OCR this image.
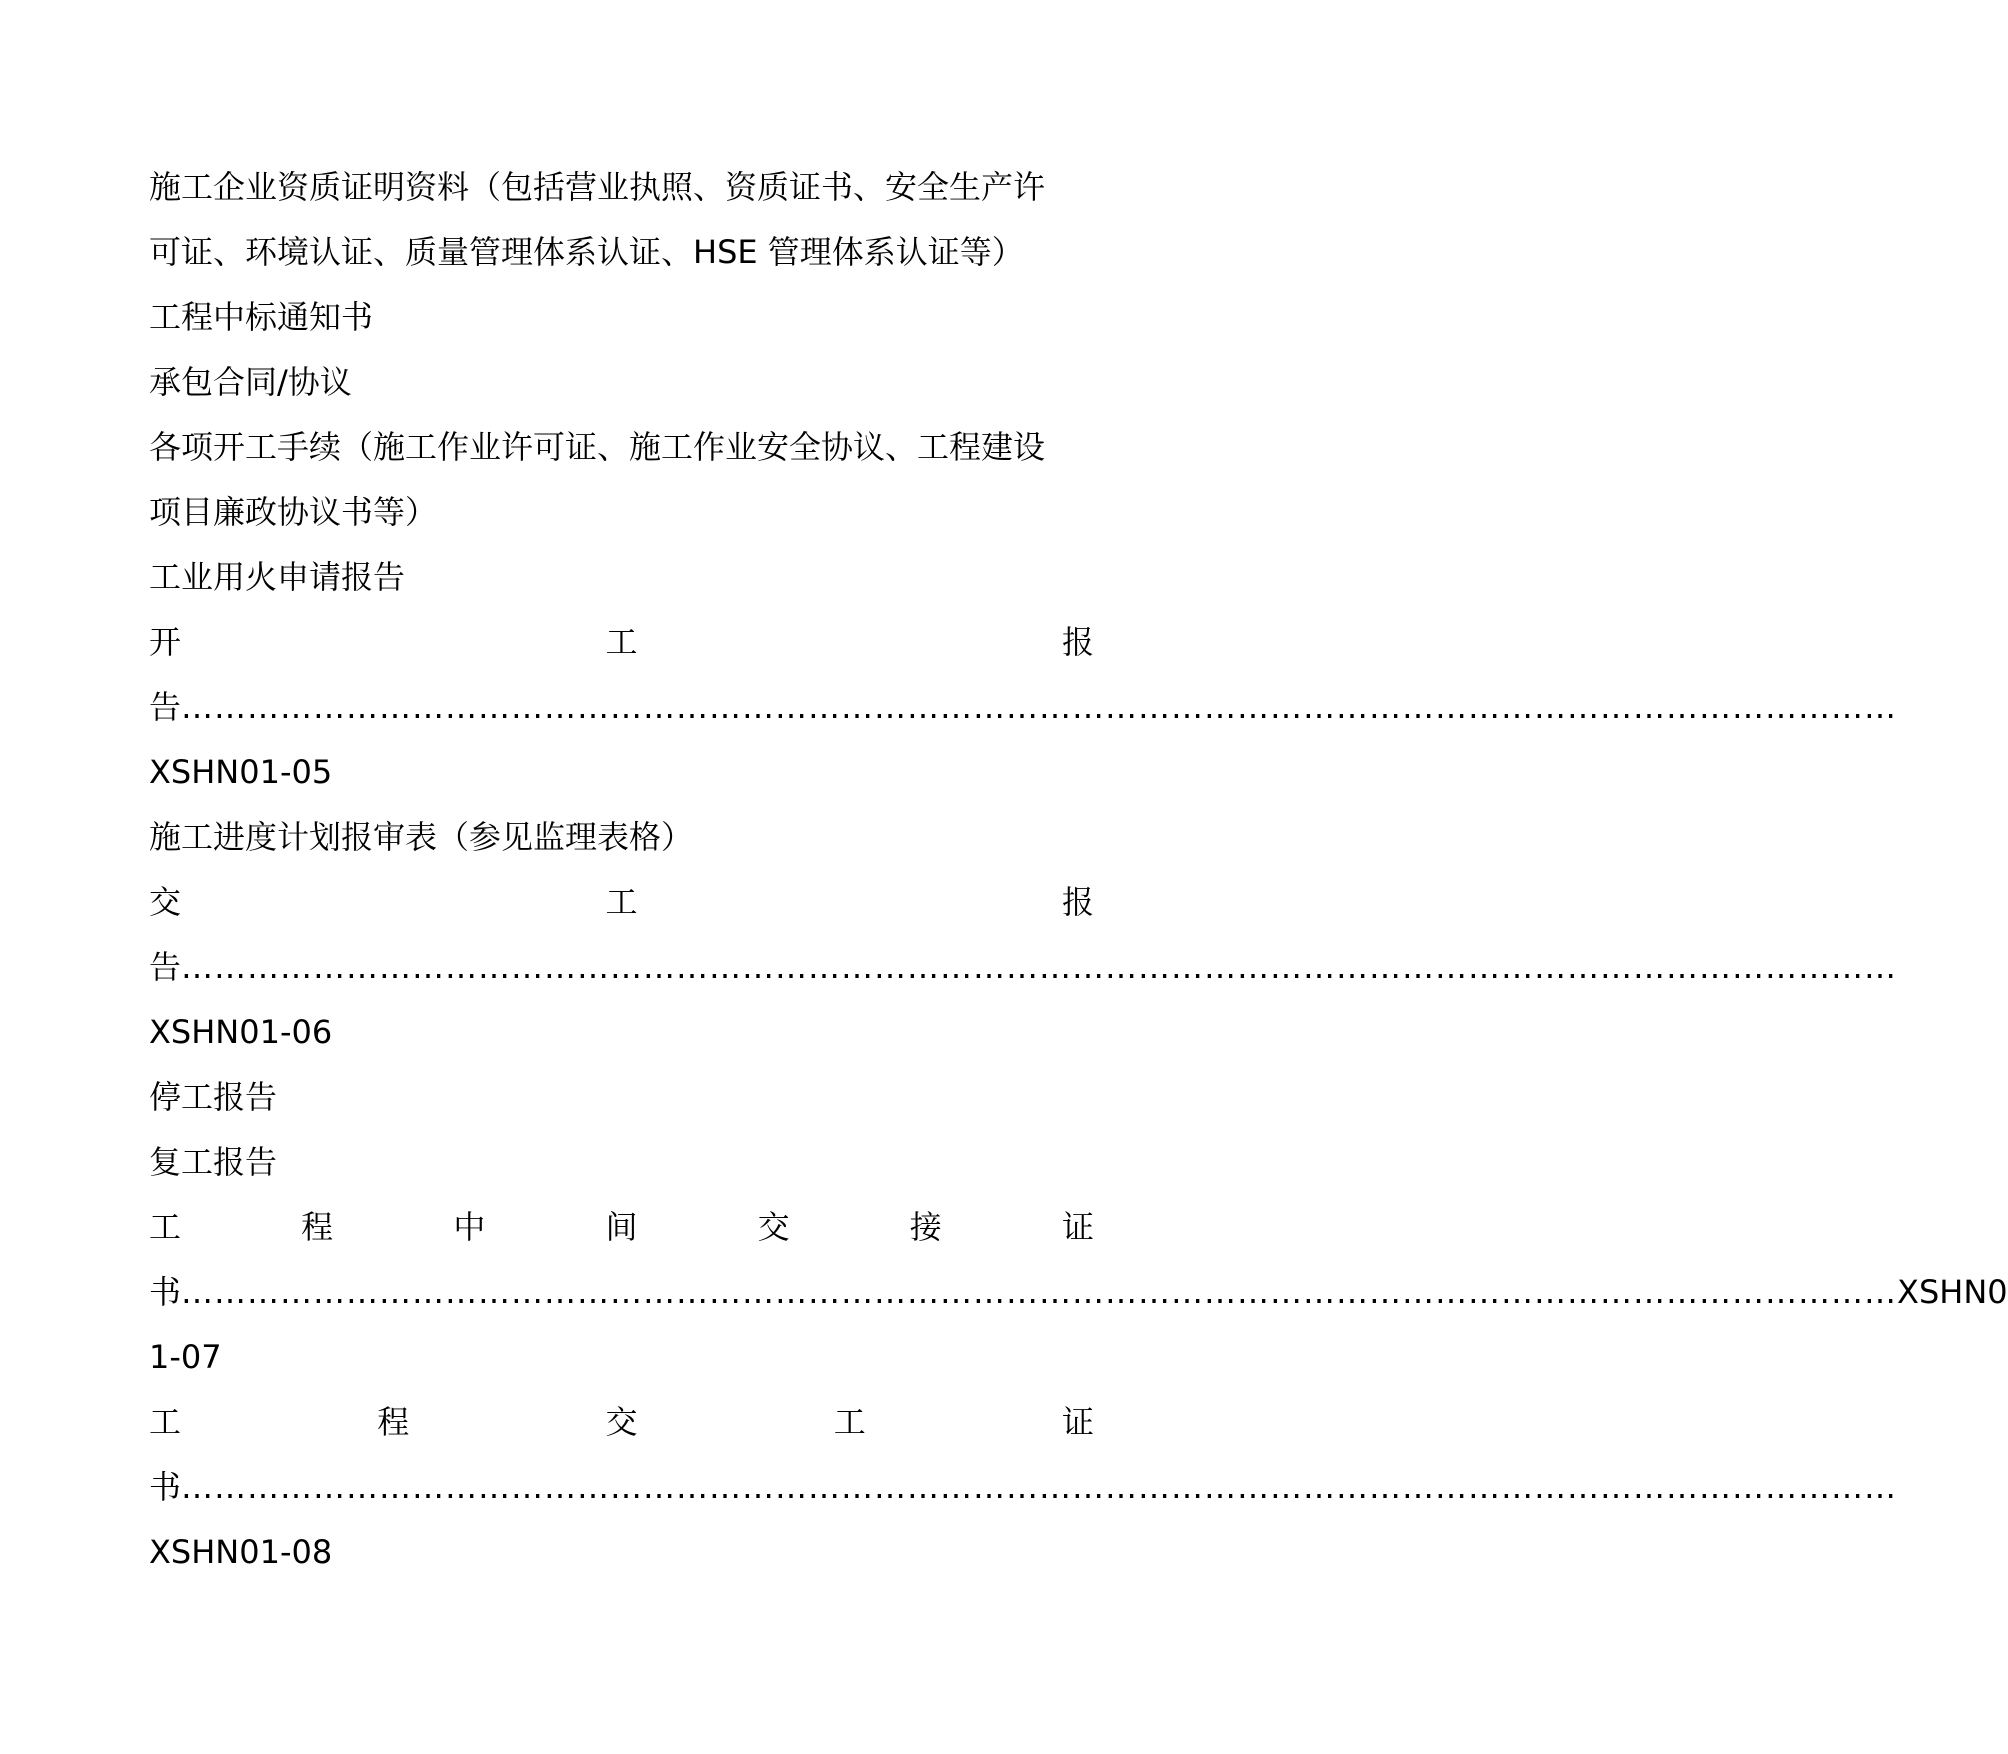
施工企业资质证明资料（包括营业执照、资质证书、安全生产许
可证、环境认证、质量管理体系认证、HSE 管理体系认证等）
工程中标通知书
承包合同/协议
各项开工手续（施工作业许可证、施工作业安全协议、工程建设
项目廉政协议书等）
工业用火申请报告
开	工	报
告 …………………………………………………………………………………………………………………………………………
XSHN01-05
施工进度计划报审表（参见监理表格）
交	工	报
告 …………………………………………………………………………………………………………………………………………
XSHN01-06
停工报告
复工报告
工	程	中	间	交	接	证
书 ………………………………………………………………………………………………………………………………………… XSHN0
1-07
工	程	交	工	证
书 …………………………………………………………………………………………………………………………………………
XSHN01-08
